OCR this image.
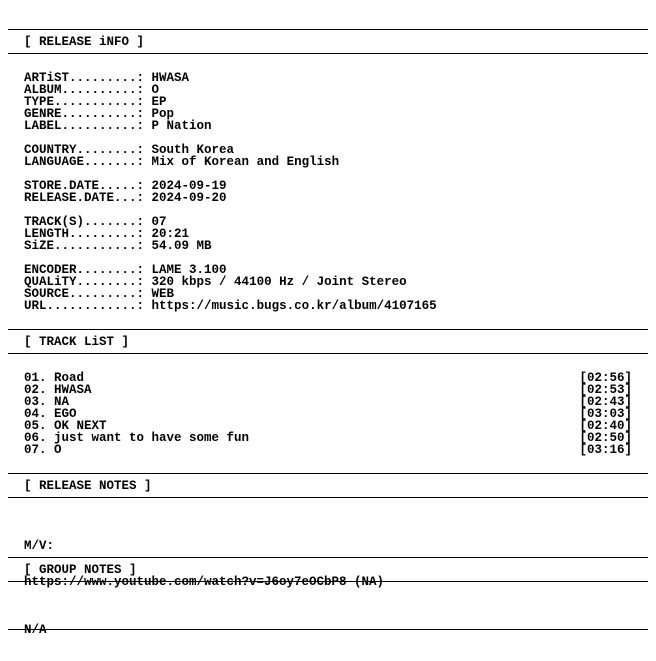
[ RELEASE iNFO ]
ARTiST.........:
HWASA
ALBUM..........:
O
TYPE...........:
EP
GENRE..........:
Pop
LABEL..........:
P Nation
COUNTRY........:
South Korea
LANGUAGE.......:
Mix of Korean and English
STORE.DATE.....:
2024-09-19
RELEASE.DATE...:
2024-09-20
TRACK(S).......:
07
LENGTH.........:
20:21
SiZE...........:
54.09 MB
ENCODER........:
LAME 3.100
QUALiTY........:
320 kbps / 44100 Hz / Joint Stereo
SOURCE.........:
WEB
URL............:
https://music.bugs.co.kr/album/4107165
[ TRACK LiST ]
01. Road	[02:56]
02. HWASA	[02:53]
03. NA	[02:43]
04. EGO	[03:03]
05. OK NEXT	[02:40]
06. just want to have some fun	[02:50]
07. O	[03:16]
[ RELEASE NOTES ]

M/V:

https://www.youtube.com/watch?v=J6oy7eOCbP8 (NA)

[ GROUP NOTES ]

N/A
